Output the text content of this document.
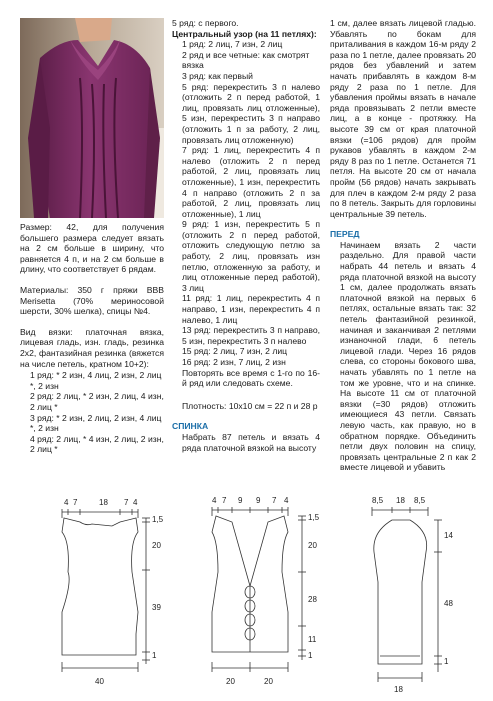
Размер: 42, для получения большего размера следует вязать на 2 см больше в ширину, что равняется 4 п, и на 2 см больше в длину, что соответствует 6 рядам.

Материалы: 350 г пряжи BBB Merisetta (70% мериносовой шерсти, 30% шелка), спицы №4.

Вид вязки: платочная вязка, лицевая гладь, изн. гладь, резинка 2х2, фантазийная резинка (вяжется на числе петель, кратном 10+2):

1 ряд: * 2 изн, 4 лиц, 2 изн, 2 лиц *, 2 изн

2 ряд: 2 лиц, * 2 изн, 2 лиц, 4 изн, 2 лиц *

3 ряд: * 2 изн, 2 лиц, 2 изн, 4 лиц *, 2 изн

4 ряд: 2 лиц, * 4 изн, 2 лиц, 2 изн, 2 лиц *

5 ряд: с первого.

Центральный узор (на 11 петлях):

1 ряд: 2 лиц, 7 изн, 2 лиц

2 ряд и все четные: как смотрят вязка

3 ряд: как первый

5 ряд: перекрестить 3 п налево (отложить 2 п перед работой, 1 лиц, провязать лиц отложенные), 5 изн, перекрестить 3 п направо (отложить 1 п за работу, 2 лиц, провязать лиц отложенную)

7 ряд: 1 лиц, перекрестить 4 п налево (отложить 2 п перед работой, 2 лиц, провязать лиц отложенные), 1 изн, перекрестить 4 п направо (отложить 2 п за работой, 2 лиц, провязать лиц отложенные), 1 лиц

9 ряд: 1 изн, перекрестить 5 п (отложить 2 п перед работой, отложить следующую петлю за работу, 2 лиц, провязать изн петлю, отложенную за работу, и лиц отложенные перед работой), 3 лиц

11 ряд: 1 лиц, перекрестить 4 п направо, 1 изн, перекрестить 4 п налево, 1 лиц

13 ряд: перекрестить 3 п направо, 5 изн, перекрестить 3 п налево

15 ряд: 2 лиц, 7 изн, 2 лиц

16 ряд: 2 изн, 7 лиц, 2 изн

Повторять все время с 1-го по 16-й ряд или следовать схеме.

Плотность: 10x10 см = 22 п и 28 р

СПИНКА

Набрать 87 петель и вязать 4 ряда платочной вязкой на высоту

1 см, далее вязать лицевой гладью. Убавлять по бокам для приталивания в каждом 16-м ряду 2 раза по 1 петле, далее провязать 20 рядов без убавлений и затем начать прибавлять в каждом 8-м ряду 2 раза по 1 петле. Для убавления проймы вязать в начале ряда провязывать 2 петли вместе лиц, а в конце - протяжку. На высоте 39 см от края платочной вязки (=106 рядов) для пройм рукавов убавлять в каждом 2-м ряду 8 раз по 1 петле. Останется 71 петля. На высоте 20 см от начала пройм (56 рядов) начать закрывать для плеч в каждом 2-м ряду 2 раза по 8 петель. Закрыть для горловины центральные 39 петель.

ПЕРЕД

Начинаем вязать 2 части раздельно. Для правой части набрать 44 петель и вязать 4 ряда платочной вязкой на высоту 1 см, далее продолжать вязать платочной вязкой на первых 6 петлях, остальные вязать так: 32 петель фантазийной резинкой, начиная и заканчивая 2 петлями изнаночной глади, 6 петель лицевой глади. Через 16 рядов слева, со стороны бокового шва, начать убавлять по 1 петле на том же уровне, что и на спинке. На высоте 11 см от платочной вязки (=30 рядов) отложить имеющиеся 43 петли. Связать левую часть, как правую, но в обратном порядке. Объединить петли двух половин на спицу, провязать центральные 2 п как 2 вместе лицевой и убавить

4 7	18 7 4
1,5
20
39
1
40
4 7 9 9 7 4
1,5
20
28
11
1
20	20
8,5 18 8,5
14
48
1
18
